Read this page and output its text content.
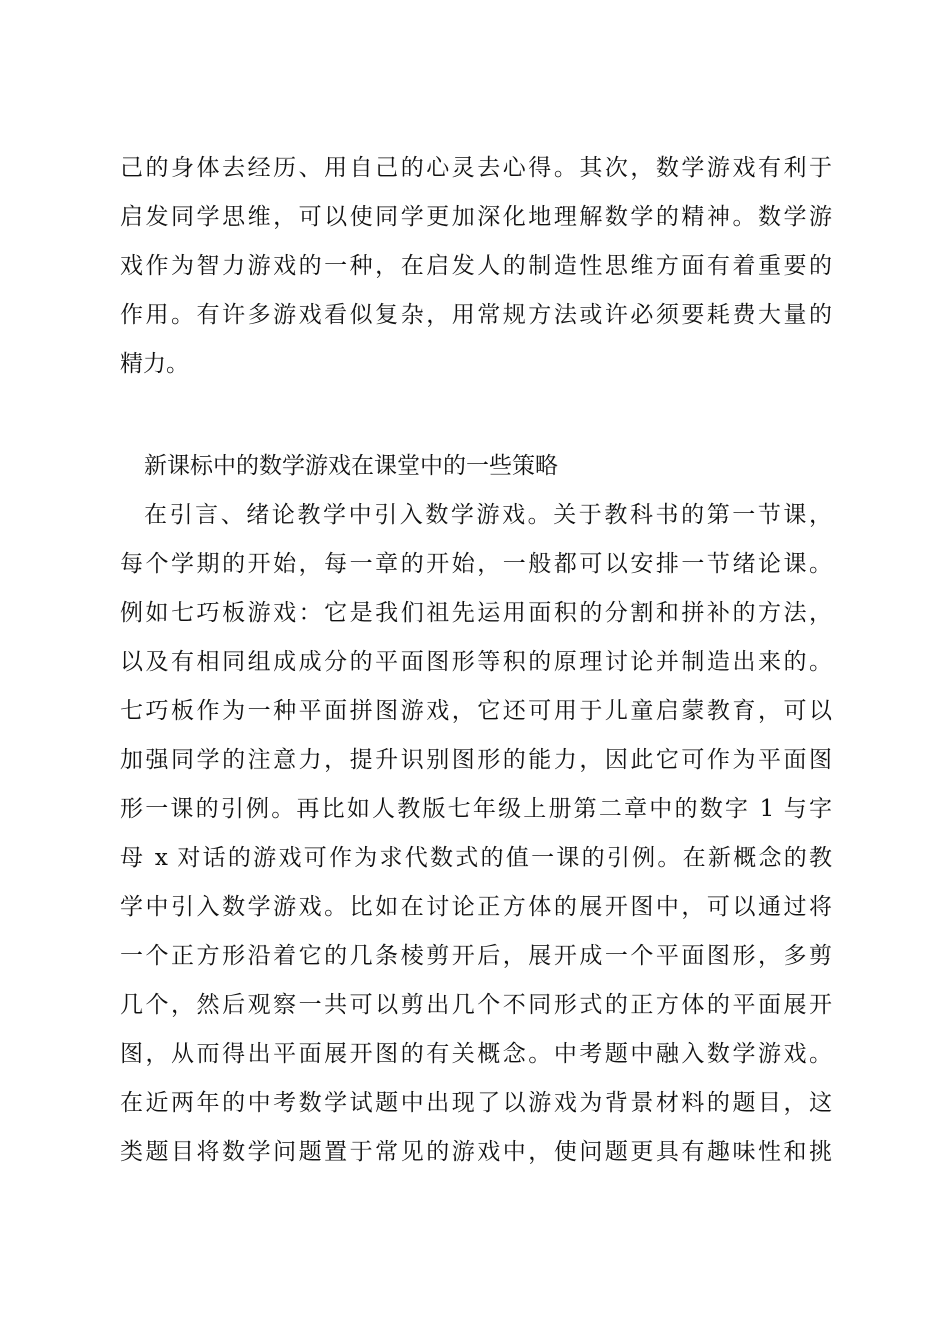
己的身体去经历、用自己的心灵去心得。其次，数学游戏有利于
启发同学思维，可以使同学更加深化地理解数学的精神。数学游
戏作为智力游戏的一种，在启发人的制造性思维方面有着重要的
作用。有许多游戏看似复杂，用常规方法或许必须要耗费大量的
精力。
新课标中的数学游戏在课堂中的一些策略
在引言、绪论教学中引入数学游戏。关于教科书的第一节课，
每个学期的开始，每一章的开始，一般都可以安排一节绪论课。
例如七巧板游戏：它是我们祖先运用面积的分割和拼补的方法，
以及有相同组成成分的平面图形等积的原理讨论并制造出来的。
七巧板作为一种平面拼图游戏，它还可用于儿童启蒙教育，可以
加强同学的注意力，提升识别图形的能力，因此它可作为平面图
形一课的引例。再比如人教版七年级上册第二章中的数字 1 与字
母 x 对话的游戏可作为求代数式的值一课的引例。在新概念的教
学中引入数学游戏。比如在讨论正方体的展开图中，可以通过将
一个正方形沿着它的几条棱剪开后，展开成一个平面图形，多剪
几个，然后观察一共可以剪出几个不同形式的正方体的平面展开
图，从而得出平面展开图的有关概念。中考题中融入数学游戏。
在近两年的中考数学试题中出现了以游戏为背景材料的题目，这
类题目将数学问题置于常见的游戏中，使问题更具有趣味性和挑
